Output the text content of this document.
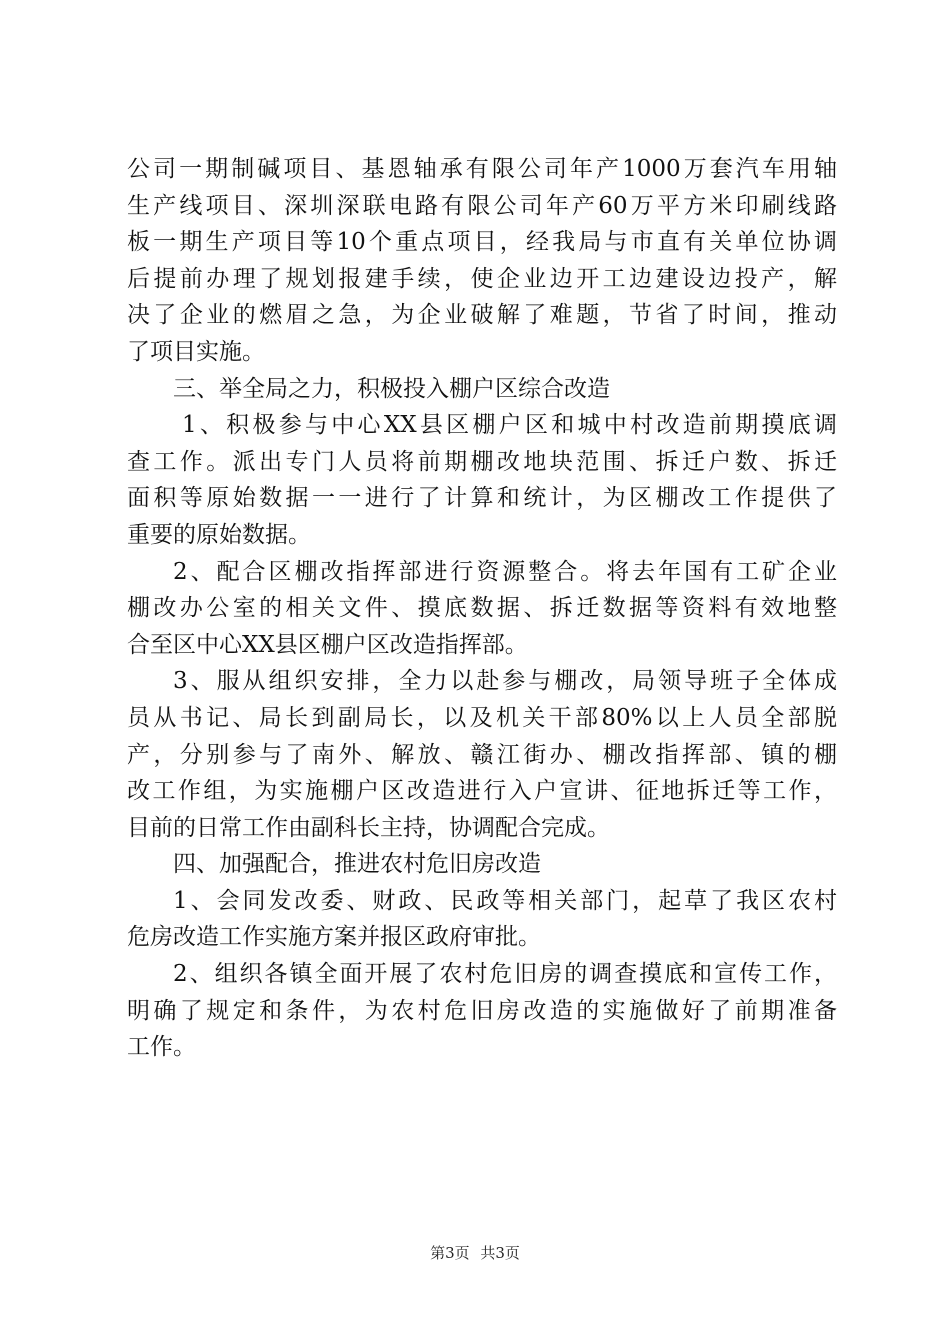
公司一期制碱项目、基恩轴承有限公司年产1000万套汽车用轴
生产线项目、深圳深联电路有限公司年产60万平方米印刷线路
板一期生产项目等10个重点项目，经我局与市直有关单位协调
后提前办理了规划报建手续，使企业边开工边建设边投产，解
决了企业的燃眉之急，为企业破解了难题，节省了时间，推动
了项目实施。
三、举全局之力，积极投入棚户区综合改造
1、积极参与中心XX县区棚户区和城中村改造前期摸底调
查工作。派出专门人员将前期棚改地块范围、拆迁户数、拆迁
面积等原始数据一一进行了计算和统计，为区棚改工作提供了
重要的原始数据。
2、配合区棚改指挥部进行资源整合。将去年国有工矿企业
棚改办公室的相关文件、摸底数据、拆迁数据等资料有效地整
合至区中心XX县区棚户区改造指挥部。
3、服从组织安排，全力以赴参与棚改，局领导班子全体成
员从书记、局长到副局长，以及机关干部80%以上人员全部脱
产，分别参与了南外、解放、赣江街办、棚改指挥部、镇的棚
改工作组，为实施棚户区改造进行入户宣讲、征地拆迁等工作，
目前的日常工作由副科长主持，协调配合完成。
四、加强配合，推进农村危旧房改造
1、会同发改委、财政、民政等相关部门，起草了我区农村
危房改造工作实施方案并报区政府审批。
2、组织各镇全面开展了农村危旧房的调查摸底和宣传工作，
明确了规定和条件，为农村危旧房改造的实施做好了前期准备
工作。
第3页 共3页
